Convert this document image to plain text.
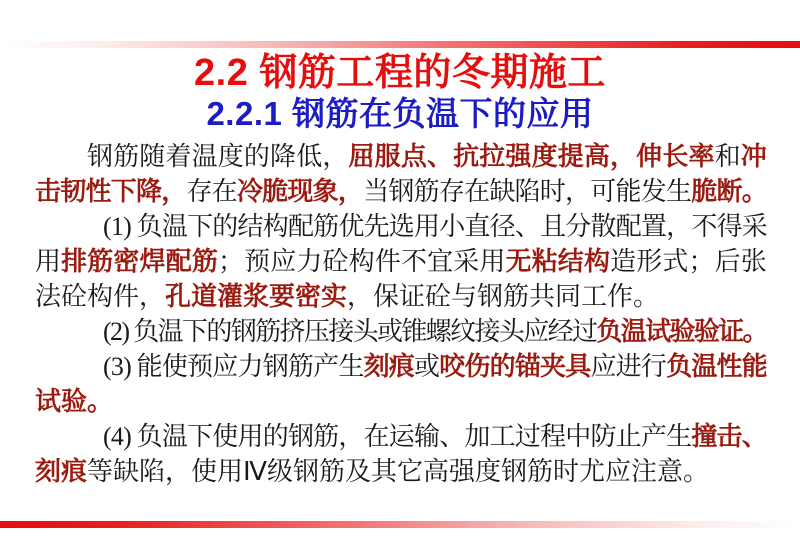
2.2 钢筋工程的冬期施工
2.2.1 钢筋在负温下的应用
钢筋随着温度的降低，屈服点、抗拉强度提高，伸长率和冲
击韧性下降，存在冷脆现象，当钢筋存在缺陷时，可能发生脆断。
(1) 负温下的结构配筋优先选用小直径、且分散配置，不得采
用排筋密焊配筋；预应力砼构件不宜采用无粘结构造形式；后张
法砼构件，孔道灌浆要密实，保证砼与钢筋共同工作。
(2) 负温下的钢筋挤压接头或锥螺纹接头应经过负温试验验证。
(3) 能使预应力钢筋产生刻痕或咬伤的锚夹具应进行负温性能
试验。
(4) 负温下使用的钢筋，在运输、加工过程中防止产生撞击、
刻痕等缺陷，使用Ⅳ级钢筋及其它高强度钢筋时尤应注意。
